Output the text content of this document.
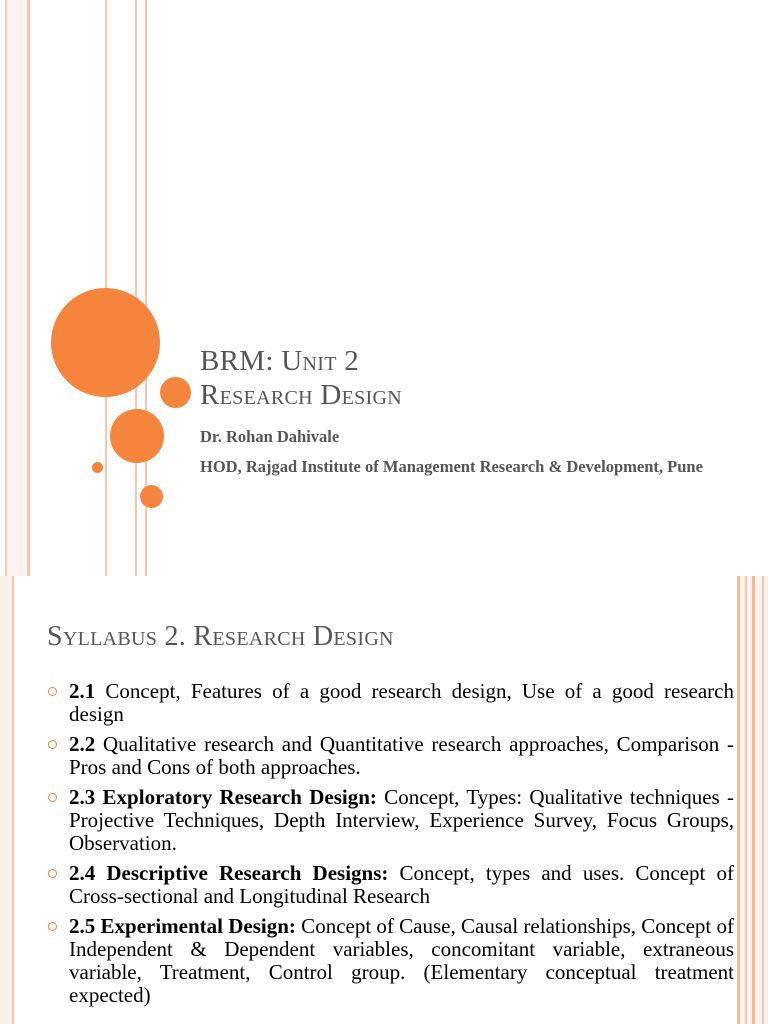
BRM: Unit 2
Research Design

Dr. Rohan Dahivale

HOD, Rajgad Institute of Management Research & Development, Pune

Syllabus 2. Research Design
2.1 Concept, Features of a good research design, Use of a good research design
2.2 Qualitative research and Quantitative research approaches, Comparison - Pros and Cons of both approaches.
2.3 Exploratory Research Design: Concept, Types: Qualitative techniques - Projective Techniques, Depth Interview, Experience Survey, Focus Groups, Observation.
2.4 Descriptive Research Designs: Concept, types and uses. Concept of Cross-sectional and Longitudinal Research
2.5 Experimental Design: Concept of Cause, Causal relationships, Concept of Independent & Dependent variables, concomitant variable, extraneous variable, Treatment, Control group. (Elementary conceptual treatment expected)
